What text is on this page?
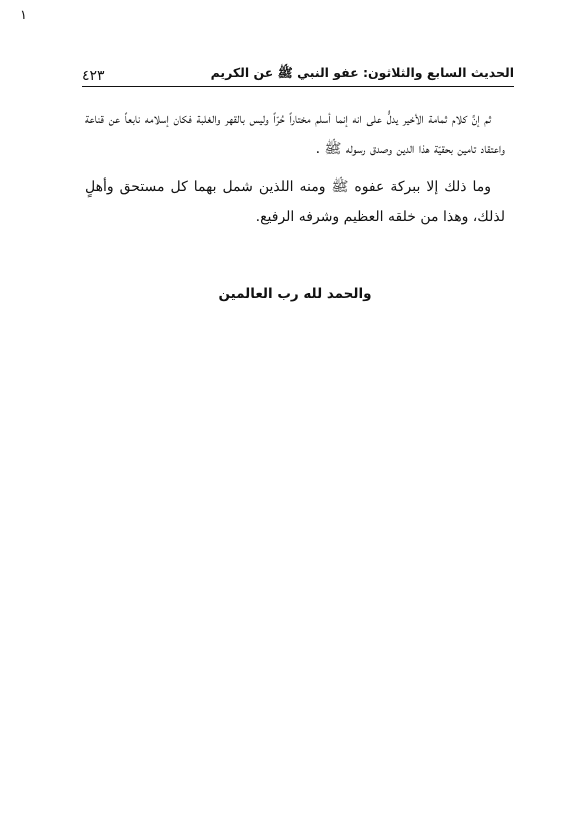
١
الحديث السابع والثلاثون: عفو النبي ﷺ عن الكريم
٤٢٣

ثم إنَّ كلام ثمامة الأخير يدلُّ على انه إنما أسلم مختاراً حُرّاً وليس بالقهر والغلبة فكان إسلامه نابعاً عن قناعة واعتقاد تامين بحقيّة هذا الدين وصدق رسوله ﷺ .

وما ذلك إلا ببركة عفوه ﷺ ومنه اللذين شمل بهما كل مستحق وأهلٍ لذلك، وهذا من خلقه العظيم وشرفه الرفيع.

والحمد لله رب العالمين
